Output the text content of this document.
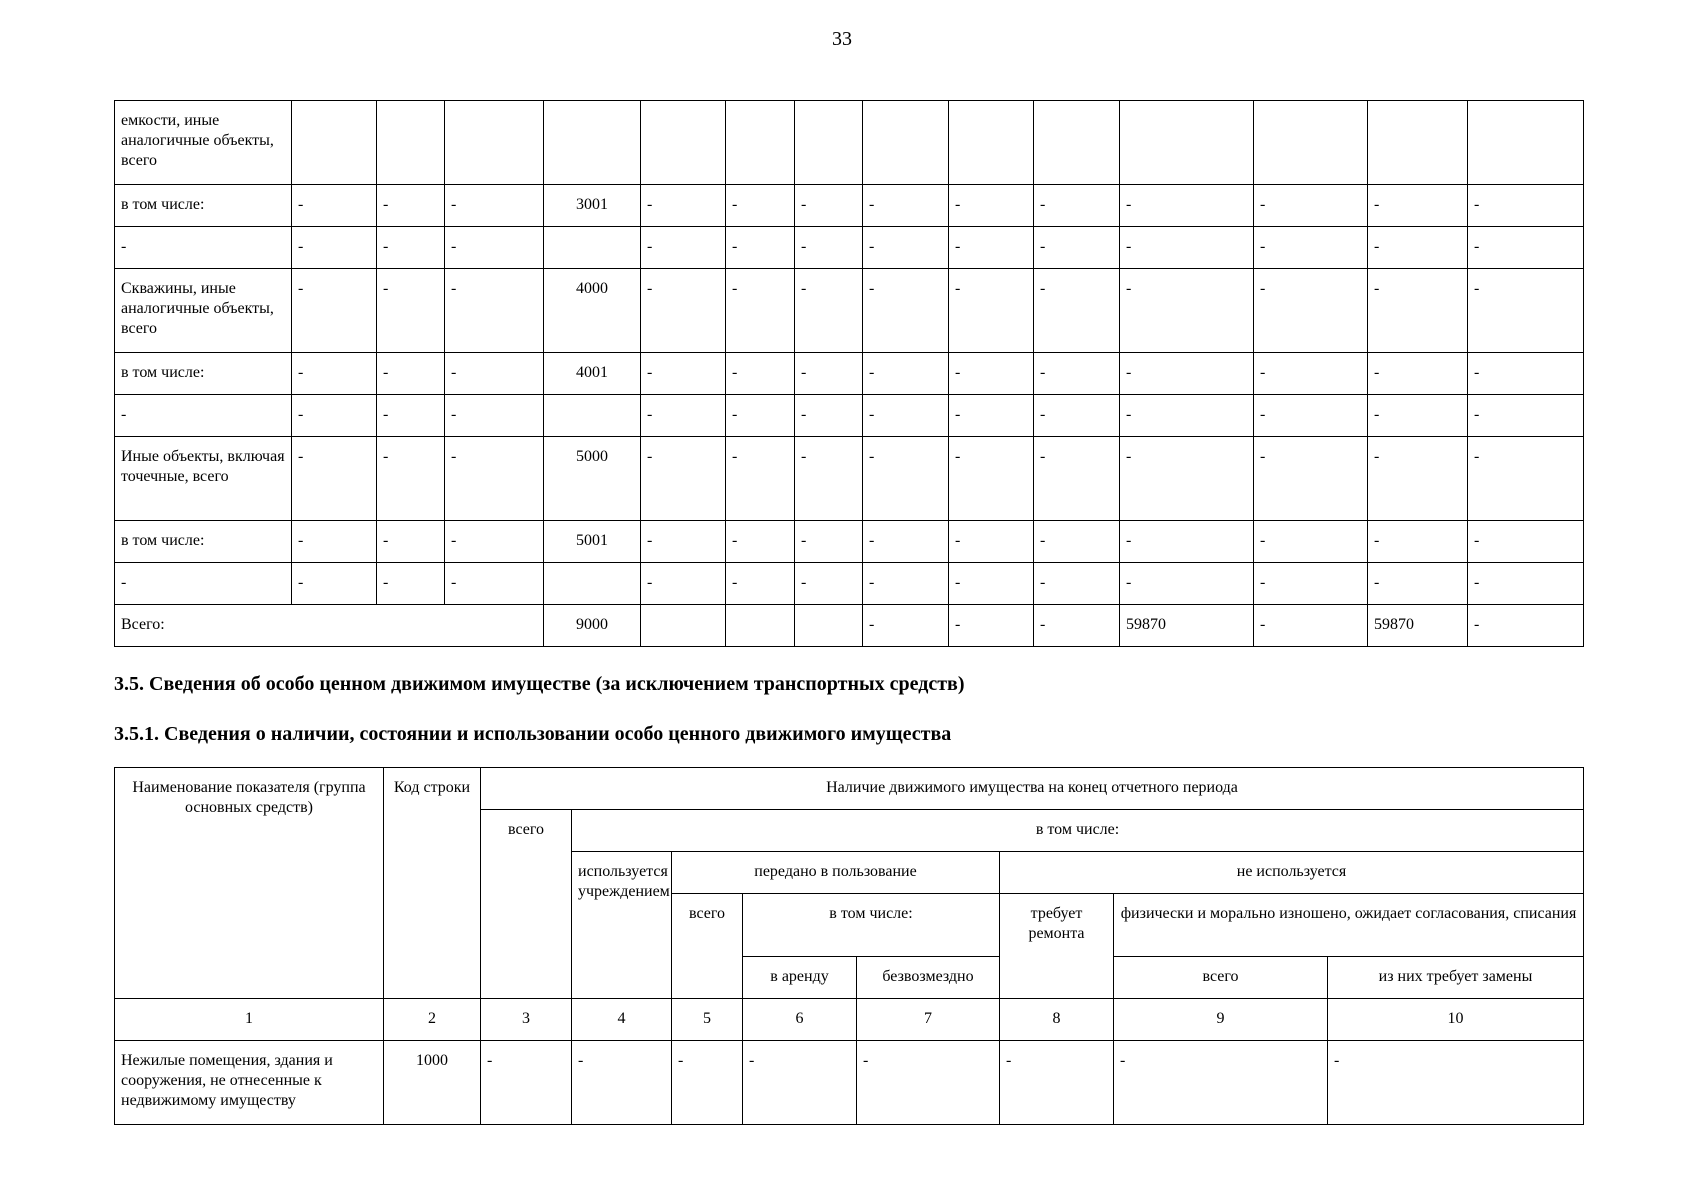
33
емкости, иные аналогичные объекты, всего														
в том числе:	-	-	-	3001	-	-	-	-	-	-	-	-	-	-
-	-	-	-		-	-	-	-	-	-	-	-	-	-
Скважины, иные аналогичные объекты, всего	-	-	-	4000	-	-	-	-	-	-	-	-	-	-
в том числе:	-	-	-	4001	-	-	-	-	-	-	-	-	-	-
-	-	-	-		-	-	-	-	-	-	-	-	-	-
Иные объекты, включая точечные, всего	-	-	-	5000	-	-	-	-	-	-	-	-	-	-
в том числе:	-	-	-	5001	-	-	-	-	-	-	-	-	-	-
-	-	-	-		-	-	-	-	-	-	-	-	-	-
Всего:				9000				-	-	-	59870	-	59870	-
3.5. Сведения об особо ценном движимом имуществе (за исключением транспортных средств)
3.5.1. Сведения о наличии, состоянии и использовании особо ценного движимого имущества
Наименование показателя (группа основных средств)	Код строки	Наличие движимого имущества на конец отчетного периода							
		всего	в том числе:						
			используется учреждением	передано в пользование			не используется		
				всего	в том числе:		требует ремонта	физически и морально изношено, ожидает согласования, списания	
					в аренду	безвозмездно		всего	из них требует замены
1	2	3	4	5	6	7	8	9	10
Нежилые помещения, здания и сооружения, не отнесенные к недвижимому имуществу	1000	-	-	-	-	-	-	-	-
